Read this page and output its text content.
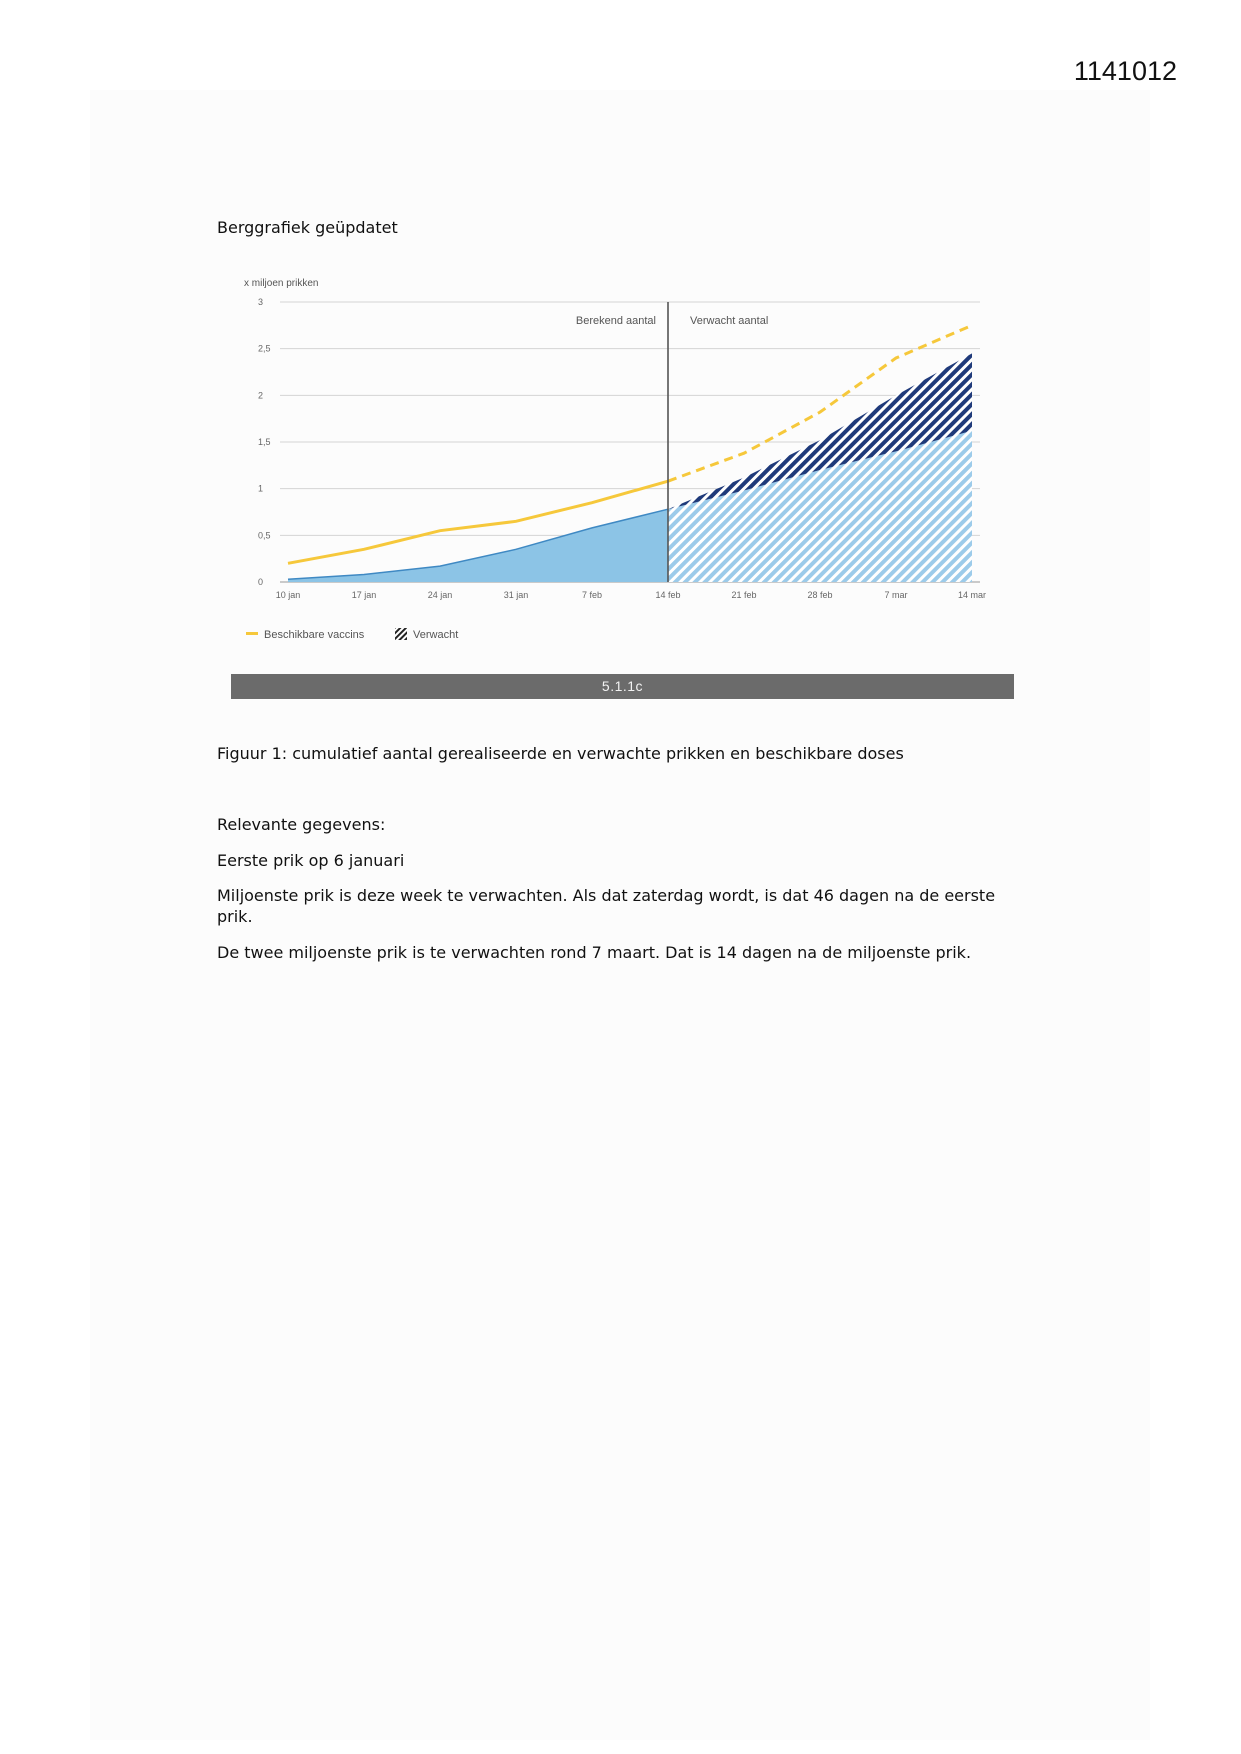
1141012
Berggrafiek geüpdatet
x miljoen prikken
0
0,5
1
1,5
2
2,5
3
Berekend aantal	Verwacht aantal
10 jan	17 jan	24 jan	31 jan	7 feb	14 feb	21 feb	28 feb	7 mar	14 mar
Beschikbare vaccins	Verwacht
5.1.1c
Figuur 1: cumulatief aantal gerealiseerde en verwachte prikken en beschikbare doses
Relevante gegevens:
Eerste prik op 6 januari
Miljoenste prik is deze week te verwachten. Als dat zaterdag wordt, is dat 46 dagen na de eerste prik.
De twee miljoenste prik is te verwachten rond 7 maart. Dat is 14 dagen na de miljoenste prik.
